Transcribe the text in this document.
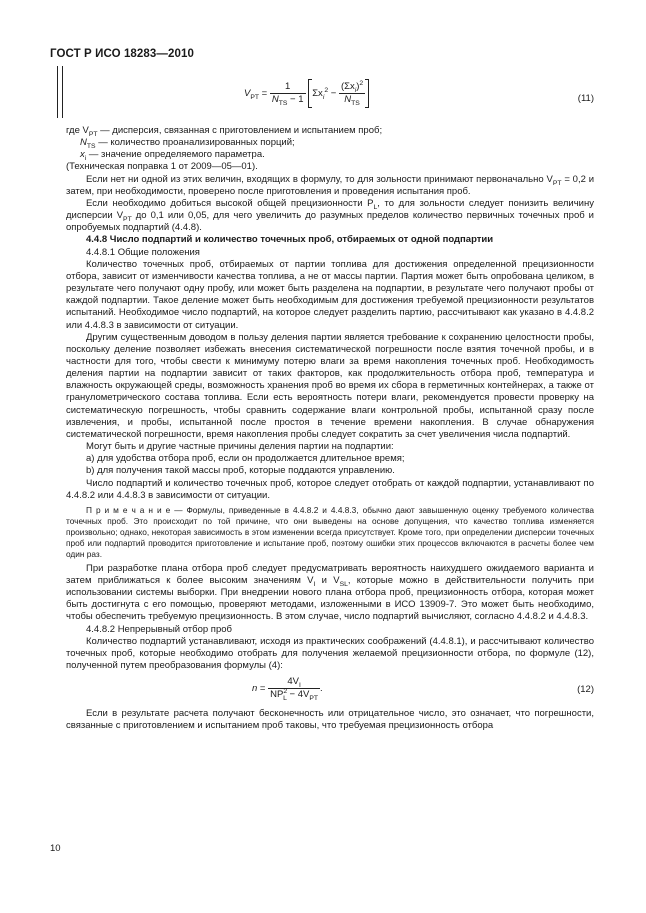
ГОСТ Р ИСО 18283—2010
$V_{PT} = \frac{1}{N_{TS} - 1} \Sigma x_i^2 - \frac{(\Sigma x_i)^2}{N_{TS}}$	(11)

где $V_{PT}$ — дисперсия, связанная с приготовлением и испытанием проб;

$N_{TS}$ — количество проанализированных порций;

$x_i$ — значение определяемого параметра.

(Техническая поправка 1 от 2009—05—01).

Если нет ни одной из этих величин, входящих в формулу, то для зольности принимают первоначально $V_{PT} = 0,2$ и затем, при необходимости, проверено после приготовления и проведения испытания проб.

Если необходимо добиться высокой общей прецизионности $P_L$, то для зольности следует понизить величину дисперсии $V_{PT}$ до 0,1 или 0,05, для чего увеличить до разумных пределов количество первичных точечных проб и опробуемых подпартий (4.4.8).

4.4.8 Число подпартий и количество точечных проб, отбираемых от одной подпартии

4.4.8.1 Общие положения

Количество точечных проб, отбираемых от партии топлива для достижения определенной прецизионности отбора, зависит от изменчивости качества топлива, а не от массы партии. Партия может быть опробована целиком, в результате чего получают одну пробу, или может быть разделена на подпартии, в результате чего получают пробы от каждой подпартии. Такое деление может быть необходимым для достижения требуемой прецизионности результатов испытаний. Необходимое число подпартий, на которое следует разделить партию, рассчитывают как указано в 4.4.8.2 или 4.4.8.3 в зависимости от ситуации.

Другим существенным доводом в пользу деления партии является требование к сохранению целостности пробы, поскольку деление позволяет избежать внесения систематической погрешности после взятия точечной пробы, и в частности для того, чтобы свести к минимуму потерю влаги за время накопления точечных проб. Необходимость деления партии на подпартии зависит от таких факторов, как продолжительность отбора проб, температура и влажность окружающей среды, возможность хранения проб во время их сбора в герметичных контейнерах, а также от гранулометрического состава топлива. Если есть вероятность потери влаги, рекомендуется провести проверку на систематическую погрешность, чтобы сравнить содержание влаги контрольной пробы, испытанной сразу после извлечения, и пробы, испытанной после простоя в течение времени накопления. В случае обнаружения систематической погрешности, время накопления пробы следует сократить за счет увеличения числа подпартий.

Могут быть и другие частные причины деления партии на подпартии:

а) для удобства отбора проб, если он продолжается длительное время;

b) для получения такой массы проб, которые поддаются управлению.

Число подпартий и количество точечных проб, которое следует отобрать от каждой подпартии, устанавливают по 4.4.8.2 или 4.4.8.3 в зависимости от ситуации.

П р и м е ч а н и е — Формулы, приведенные в 4.4.8.2 и 4.4.8.3, обычно дают завышенную оценку требуемого количества точечных проб. Это происходит по той причине, что они выведены на основе допущения, что качество топлива изменяется произвольно; однако, некоторая зависимость в этом изменении всегда присутствует. Кроме того, при определении дисперсии точечных проб или подпартий проводится приготовление и испытание проб, поэтому ошибки этих процессов включаются в расчеты более чем один раз.

При разработке плана отбора проб следует предусматривать вероятность наихудшего ожидаемого варианта и затем приближаться к более высоким значениям $V_I$ и $V_{SL}$, которые можно в действительности получить при использовании системы выборки. При внедрении нового плана отбора проб, прецизионность отбора, которая может быть достигнута с его помощью, проверяют методами, изложенными в ИСО 13909-7. Это может быть необходимо, чтобы обеспечить требуемую прецизионность. В этом случае, число подпартий вычисляют, согласно 4.4.8.2 и 4.4.8.3.

4.4.8.2 Непрерывный отбор проб

Количество подпартий устанавливают, исходя из практических соображений (4.4.8.1), и рассчитывают количество точечных проб, которые необходимо отобрать для получения желаемой прецизионности отбора, по формуле (12), полученной путем преобразования формулы (4):

$n = \frac{4V_I}{NP^2_L - 4V_{PT}}$ .	(12)

Если в результате расчета получают бесконечность или отрицательное число, это означает, что погрешности, связанные с приготовлением и испытанием проб таковы, что требуемая прецизионность отбора

10
